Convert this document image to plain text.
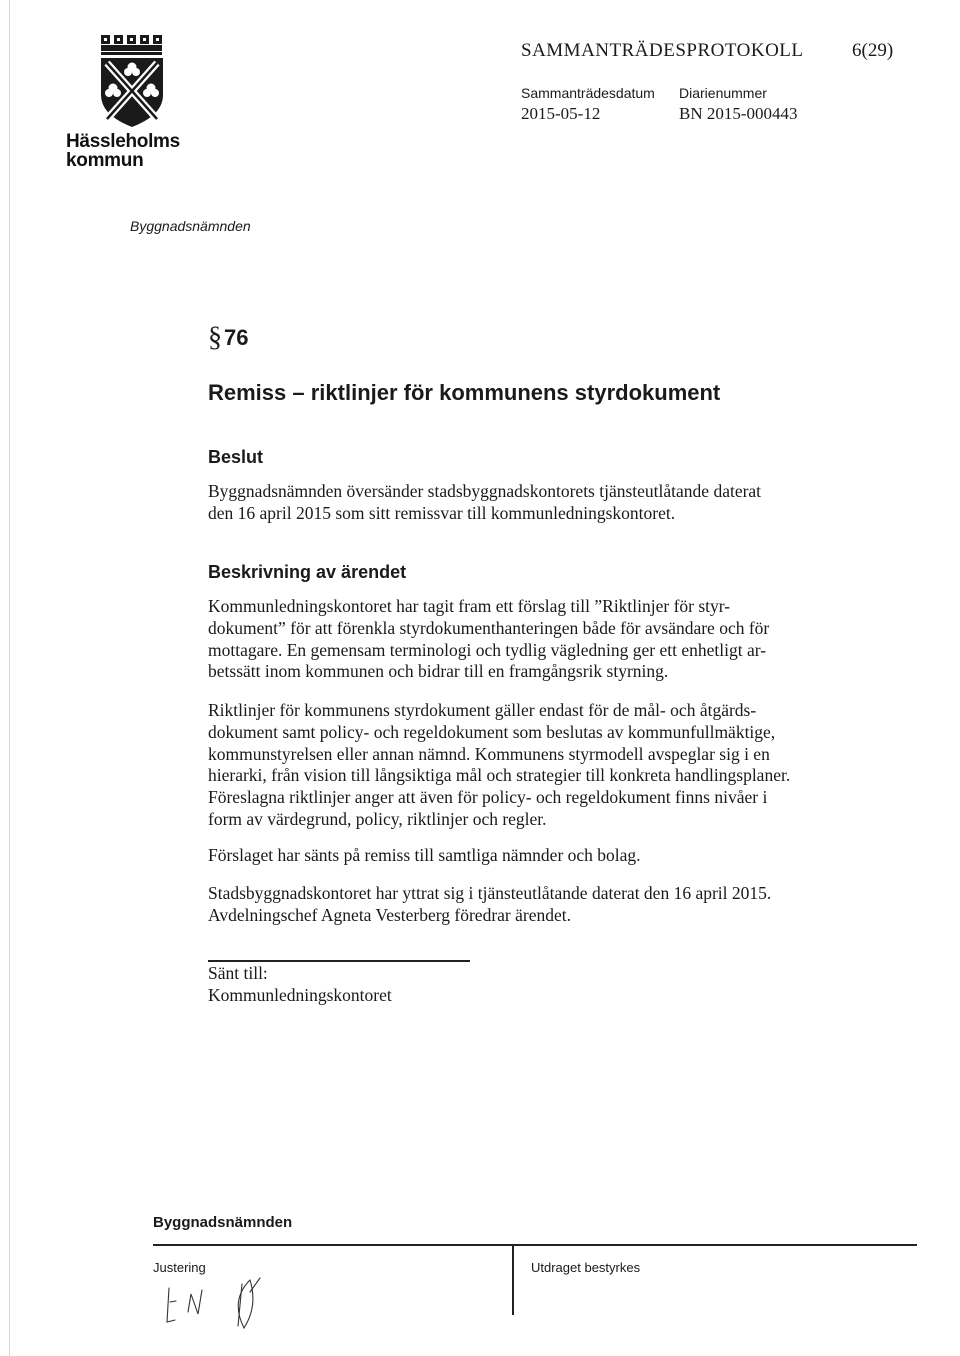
Hässleholms
kommun
SAMMANTRÄDESPROTOKOLL	6(29)
Sammanträdesdatum
2015-05-12
Diarienummer
BN 2015-000443
Byggnadsnämnden
§76
Remiss – riktlinjer för kommunens styrdokument
Beslut
Byggnadsnämnden översänder stadsbyggnadskontorets tjänsteutlåtande daterat
den 16 april 2015 som sitt remissvar till kommunledningskontoret.
Beskrivning av ärendet
Kommunledningskontoret har tagit fram ett förslag till ”Riktlinjer för styr-
dokument” för att förenkla styrdokumenthanteringen både för avsändare och för
mottagare. En gemensam terminologi och tydlig vägledning ger ett enhetligt ar-
betssätt inom kommunen och bidrar till en framgångsrik styrning.
Riktlinjer för kommunens styrdokument gäller endast för de mål- och åtgärds-
dokument samt policy- och regeldokument som beslutas av kommunfullmäktige,
kommunstyrelsen eller annan nämnd. Kommunens styrmodell avspeglar sig i en
hierarki, från vision till långsiktiga mål och strategier till konkreta handlingsplaner.
Föreslagna riktlinjer anger att även för policy- och regeldokument finns nivåer i
form av värdegrund, policy, riktlinjer och regler.
Förslaget har sänts på remiss till samtliga nämnder och bolag.
Stadsbyggnadskontoret har yttrat sig i tjänsteutlåtande daterat den 16 april 2015.
Avdelningschef Agneta Vesterberg föredrar ärendet.
Sänt till:
Kommunledningskontoret
Byggnadsnämnden
Justering	Utdraget bestyrkes
